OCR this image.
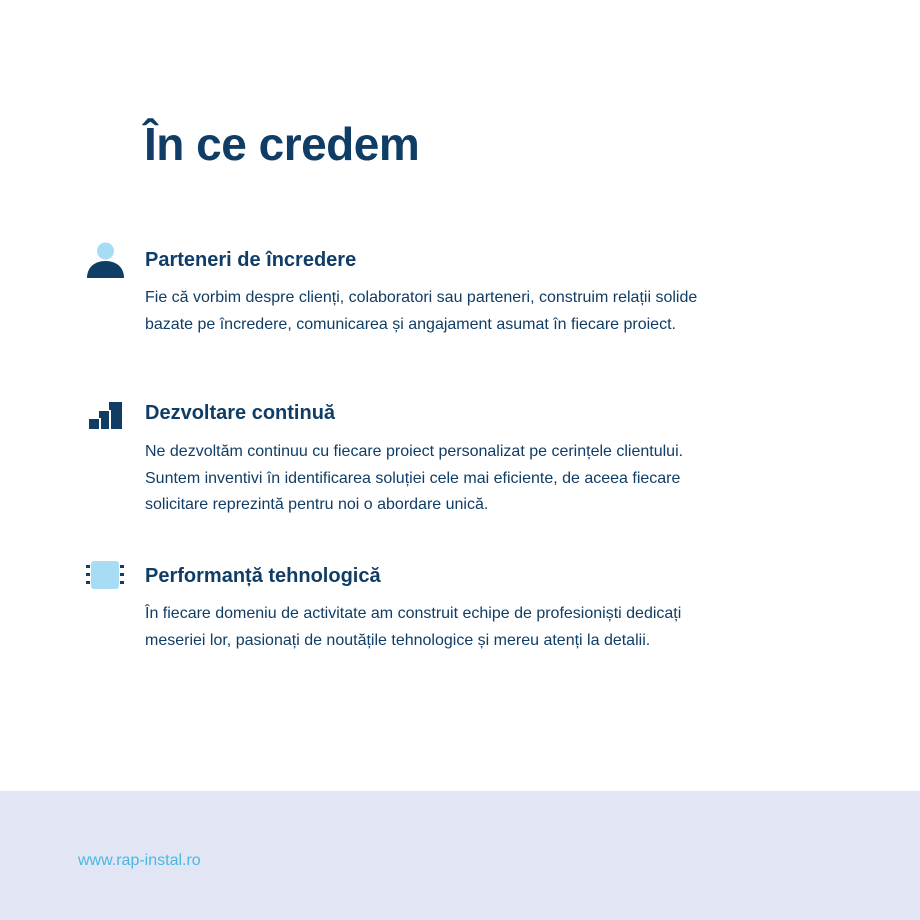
În ce credem
Parteneri de încredere

Fie că vorbim despre clienți, colaboratori sau parteneri, construim relații solide
bazate pe încredere, comunicarea și angajament asumat în fiecare proiect.

Dezvoltare continuă

Ne dezvoltăm continuu cu fiecare proiect personalizat pe cerințele clientului.
Suntem inventivi în identificarea soluției cele mai eficiente, de aceea fiecare
solicitare reprezintă pentru noi o abordare unică.

Performanță tehnologică

În fiecare domeniu de activitate am construit echipe de profesioniști dedicați
meseriei lor, pasionați de noutățile tehnologice și mereu atenți la detalii.

www.rap-instal.ro
